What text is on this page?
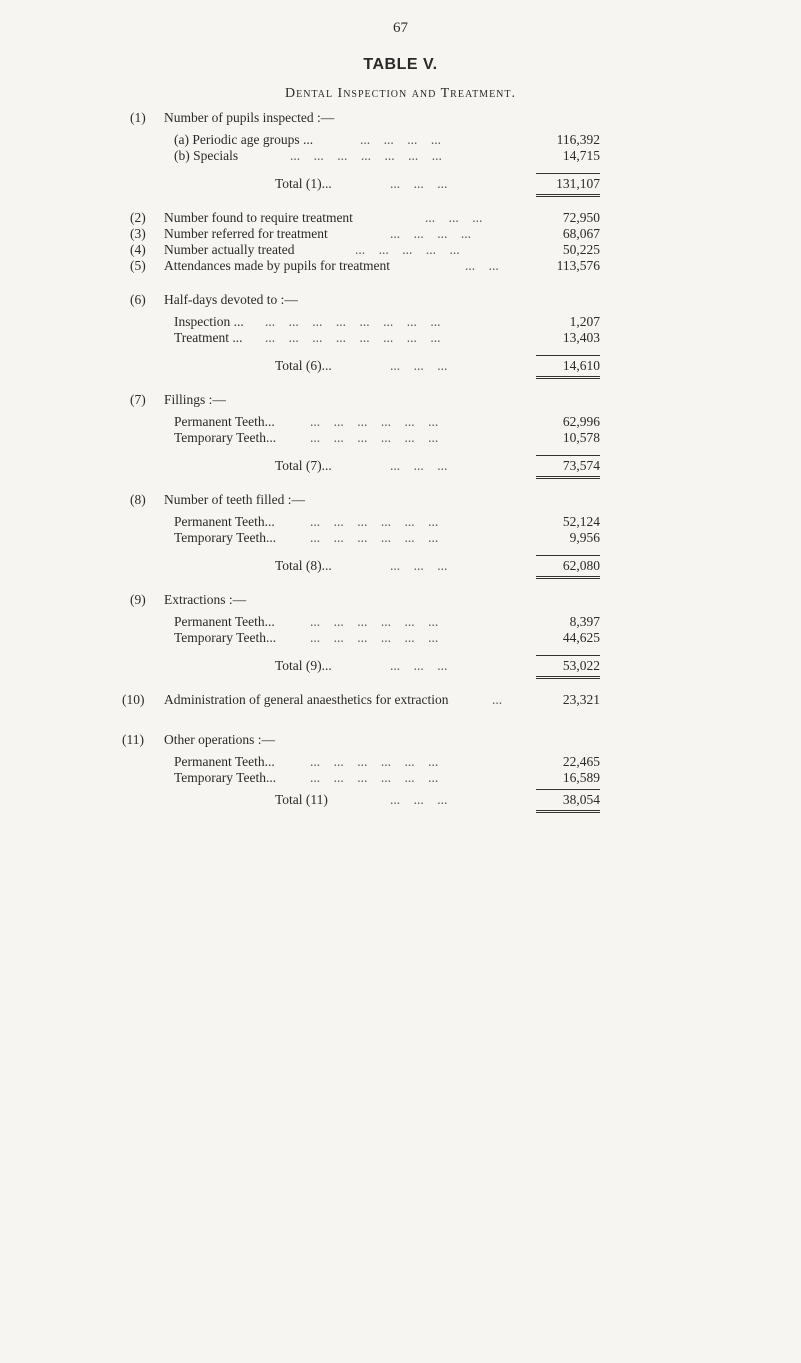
67
TABLE V.
Dental Inspection and Treatment.
(1)	Number of pupils inspected :—
(a) Periodic age groups ...	...    ...    ...    ...	116,392
(b) Specials	...    ...    ...    ...    ...    ...    ...	14,715
Total (1)...	...    ...    ...	131,107
(2)	Number found to require treatment	...    ...    ...	72,950
(3)	Number referred for treatment	...    ...    ...    ...	68,067
(4)	Number actually treated	...    ...    ...    ...    ...	50,225
(5)	Attendances made by pupils for treatment	...    ...	113,576
(6)	Half-days devoted to :—
Inspection ... ...    ...    ...    ...    ...    ...    ...    ...	1,207
Treatment ... ...    ...    ...    ...    ...    ...    ...    ...	13,403
Total (6)...	...    ...    ...	14,610
(7)	Fillings :—
Permanent Teeth...	...    ...    ...    ...    ...    ...	62,996
Temporary Teeth...	...    ...    ...    ...    ...    ...	10,578
Total (7)...	...    ...    ...	73,574
(8)	Number of teeth filled :—
Permanent Teeth...	...    ...    ...    ...    ...    ...	52,124
Temporary Teeth...	...    ...    ...    ...    ...    ...	9,956
Total (8)...	...    ...    ...	62,080
(9)	Extractions :—
Permanent Teeth...	...    ...    ...    ...    ...    ...	8,397
Temporary Teeth...	...    ...    ...    ...    ...    ...	44,625
Total (9)...	...    ...    ...	53,022
(10)	Administration of general anaesthetics for extraction	...	23,321
(11)	Other operations :—
Permanent Teeth...	...    ...    ...    ...    ...    ...	22,465
Temporary Teeth...	...    ...    ...    ...    ...    ...	16,589
Total (11)	...    ...    ...	38,054
